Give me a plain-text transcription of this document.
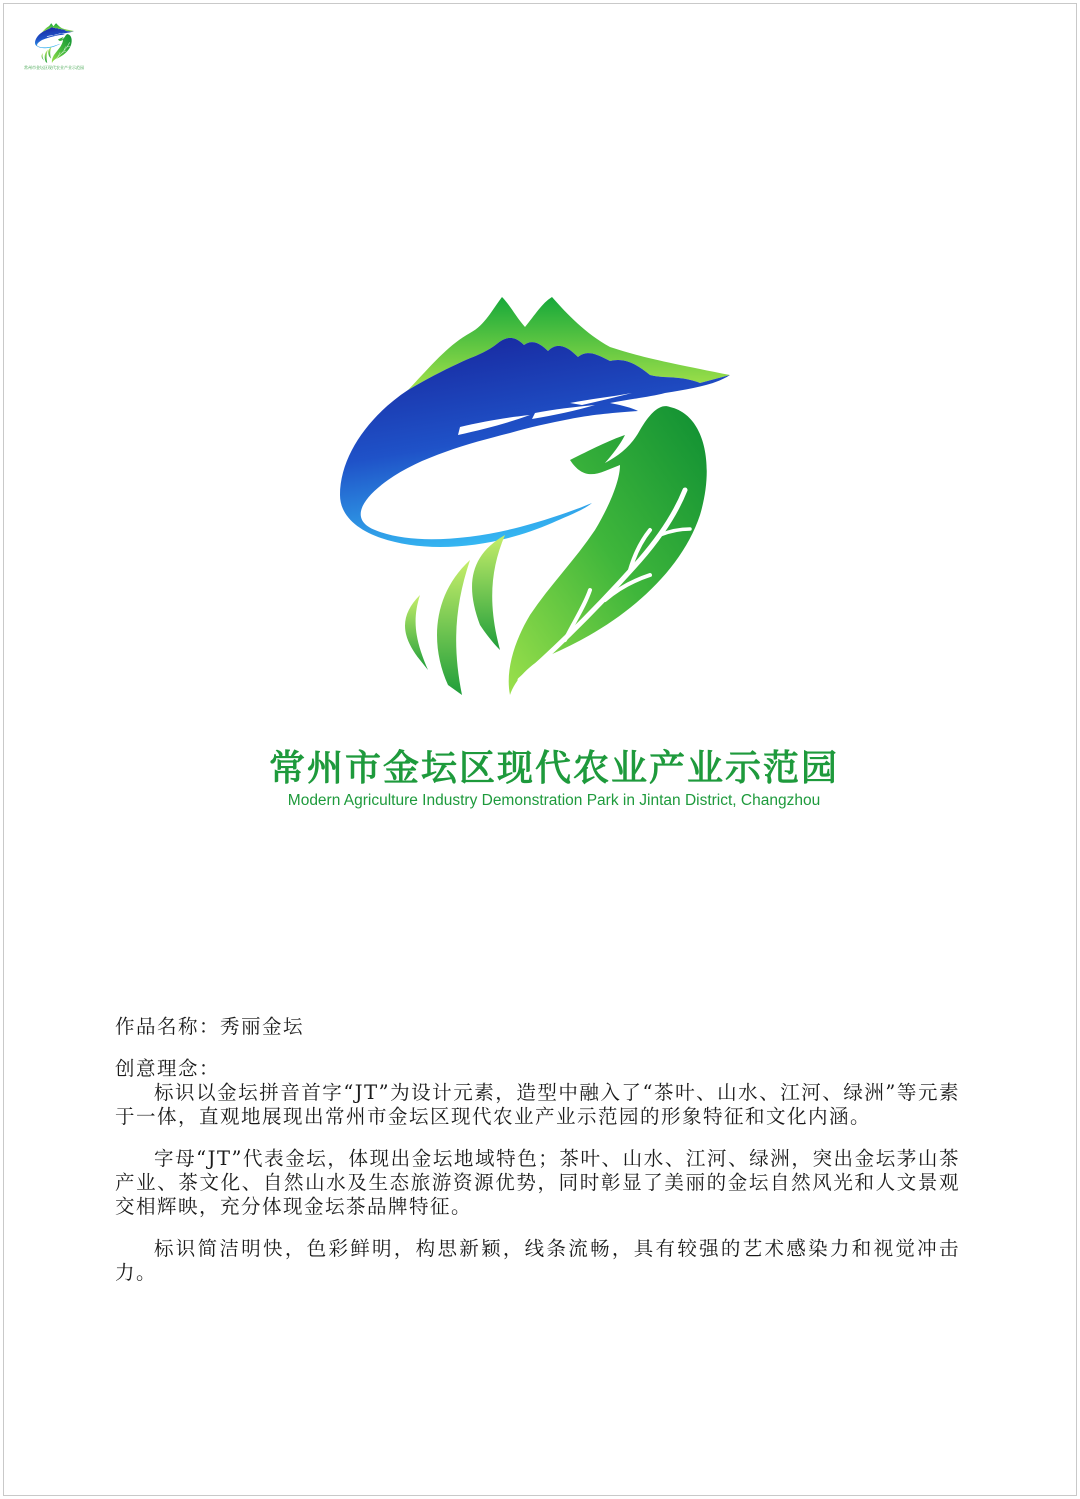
常州市金坛区现代农业产业示范园
常州市金坛区现代农业产业示范园
Modern Agriculture Industry Demonstration Park in Jintan District, Changzhou

作品名称：秀丽金坛

创意理念：

标识以金坛拼音首字“JT”为设计元素，造型中融入了“茶叶、山水、江河、绿洲”等元素于一体，直观地展现出常州市金坛区现代农业产业示范园的形象特征和文化内涵。

字母“JT”代表金坛，体现出金坛地域特色；茶叶、山水、江河、绿洲，突出金坛茅山茶产业、茶文化、自然山水及生态旅游资源优势，同时彰显了美丽的金坛自然风光和人文景观交相辉映，充分体现金坛茶品牌特征。

标识简洁明快，色彩鲜明，构思新颖，线条流畅，具有较强的艺术感染力和视觉冲击力。
